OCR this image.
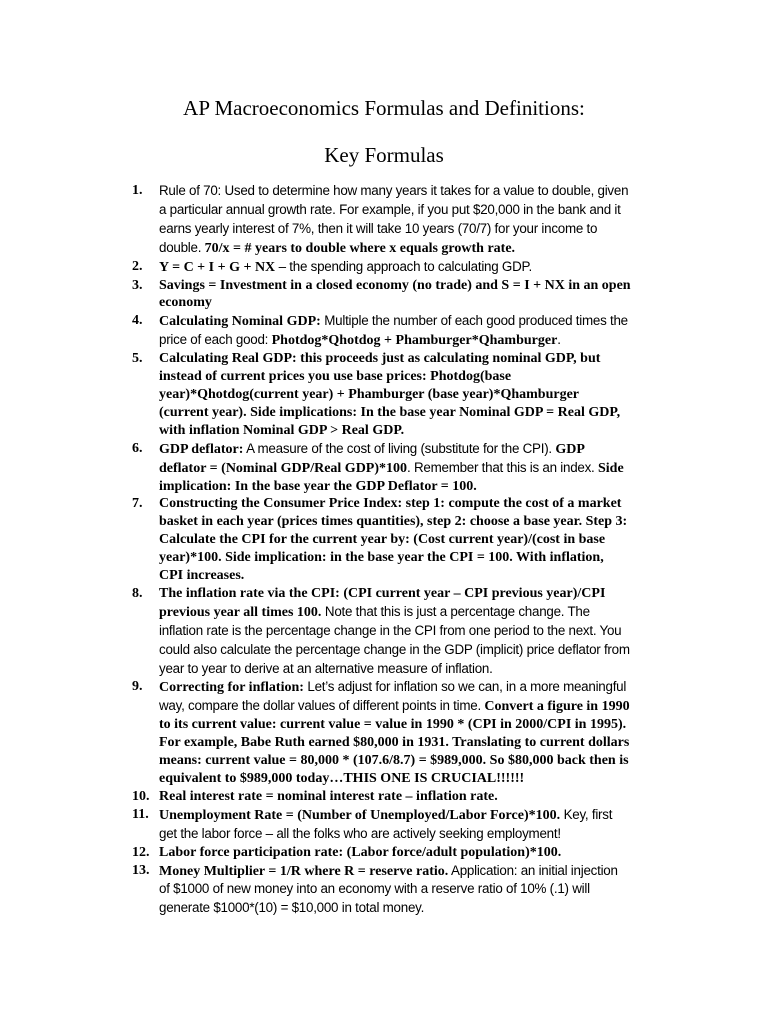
AP Macroeconomics Formulas and Definitions:
Key Formulas
1. Rule of 70: Used to determine how many years it takes for a value to double, given a particular annual growth rate. For example, if you put $20,000 in the bank and it earns yearly interest of 7%, then it will take 10 years (70/7) for your income to double. 70/x = # years to double where x equals growth rate.
2. Y = C + I + G + NX – the spending approach to calculating GDP.
3. Savings = Investment in a closed economy (no trade) and S = I + NX in an open economy
4. Calculating Nominal GDP: Multiple the number of each good produced times the price of each good: Photdog*Qhotdog + Phamburger*Qhamburger.
5. Calculating Real GDP: this proceeds just as calculating nominal GDP, but instead of current prices you use base prices: Photdog(base year)*Qhotdog(current year) + Phamburger (base year)*Qhamburger (current year). Side implications: In the base year Nominal GDP = Real GDP, with inflation Nominal GDP > Real GDP.
6. GDP deflator: A measure of the cost of living (substitute for the CPI). GDP deflator = (Nominal GDP/Real GDP)*100. Remember that this is an index. Side implication: In the base year the GDP Deflator = 100.
7. Constructing the Consumer Price Index: step 1: compute the cost of a market basket in each year (prices times quantities), step 2: choose a base year. Step 3: Calculate the CPI for the current year by: (Cost current year)/(cost in base year)*100. Side implication: in the base year the CPI = 100. With inflation, CPI increases.
8. The inflation rate via the CPI: (CPI current year – CPI previous year)/CPI previous year all times 100. Note that this is just a percentage change. The inflation rate is the percentage change in the CPI from one period to the next. You could also calculate the percentage change in the GDP (implicit) price deflator from year to year to derive at an alternative measure of inflation.
9. Correcting for inflation: Let’s adjust for inflation so we can, in a more meaningful way, compare the dollar values of different points in time. Convert a figure in 1990 to its current value: current value = value in 1990 * (CPI in 2000/CPI in 1995). For example, Babe Ruth earned $80,000 in 1931. Translating to current dollars means: current value = 80,000 * (107.6/8.7) = $989,000. So $80,000 back then is equivalent to $989,000 today…THIS ONE IS CRUCIAL!!!!!!
10. Real interest rate = nominal interest rate – inflation rate.
11. Unemployment Rate = (Number of Unemployed/Labor Force)*100. Key, first get the labor force – all the folks who are actively seeking employment!
12. Labor force participation rate: (Labor force/adult population)*100.
13. Money Multiplier = 1/R where R = reserve ratio. Application: an initial injection of $1000 of new money into an economy with a reserve ratio of 10% (.1) will generate $1000*(10) = $10,000 in total money.
